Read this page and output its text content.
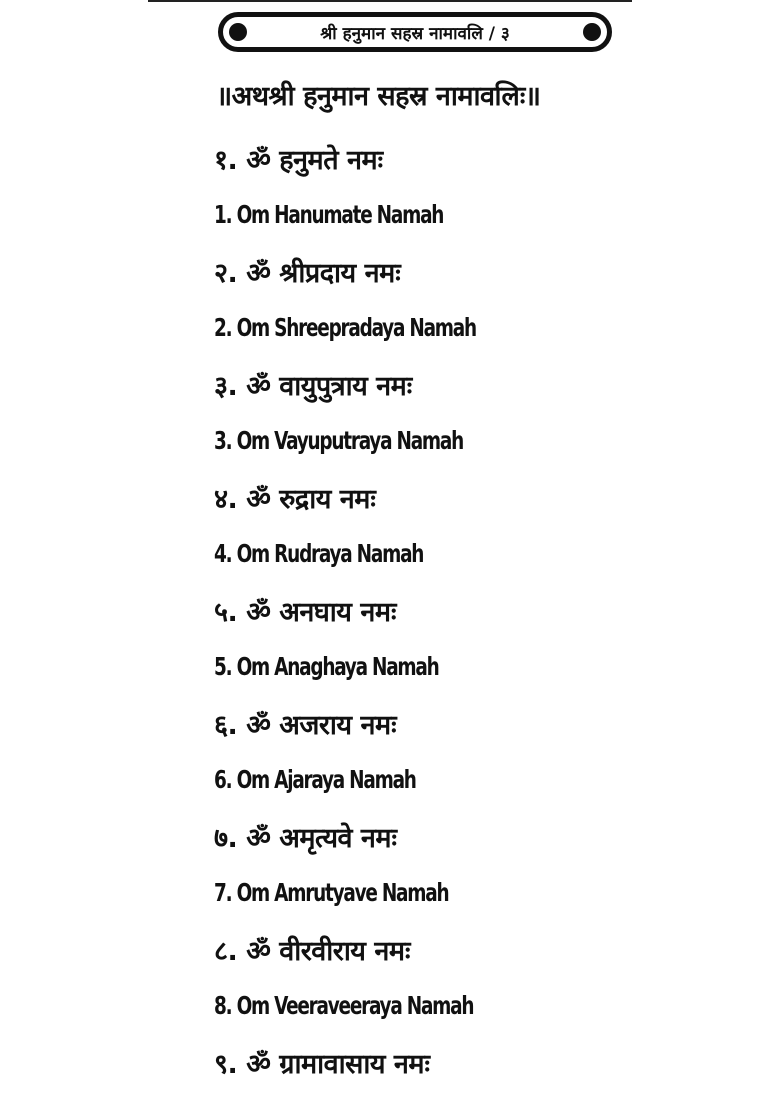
श्री हनुमान सहस्र नामावलि / ३
॥अथश्री हनुमान सहस्र नामावलिः॥
१. ॐ हनुमते नमः
1. Om Hanumate Namah
२. ॐ श्रीप्रदाय नमः
2. Om Shreepradaya Namah
३. ॐ वायुपुत्राय नमः
3. Om Vayuputraya Namah
४. ॐ रुद्राय नमः
4. Om Rudraya Namah
५. ॐ अनघाय नमः
5. Om Anaghaya Namah
६. ॐ अजराय नमः
6. Om Ajaraya Namah
७. ॐ अमृत्यवे नमः
7. Om Amrutyave Namah
८. ॐ वीरवीराय नमः
8. Om Veeraveeraya Namah
९. ॐ ग्रामावासाय नमः
